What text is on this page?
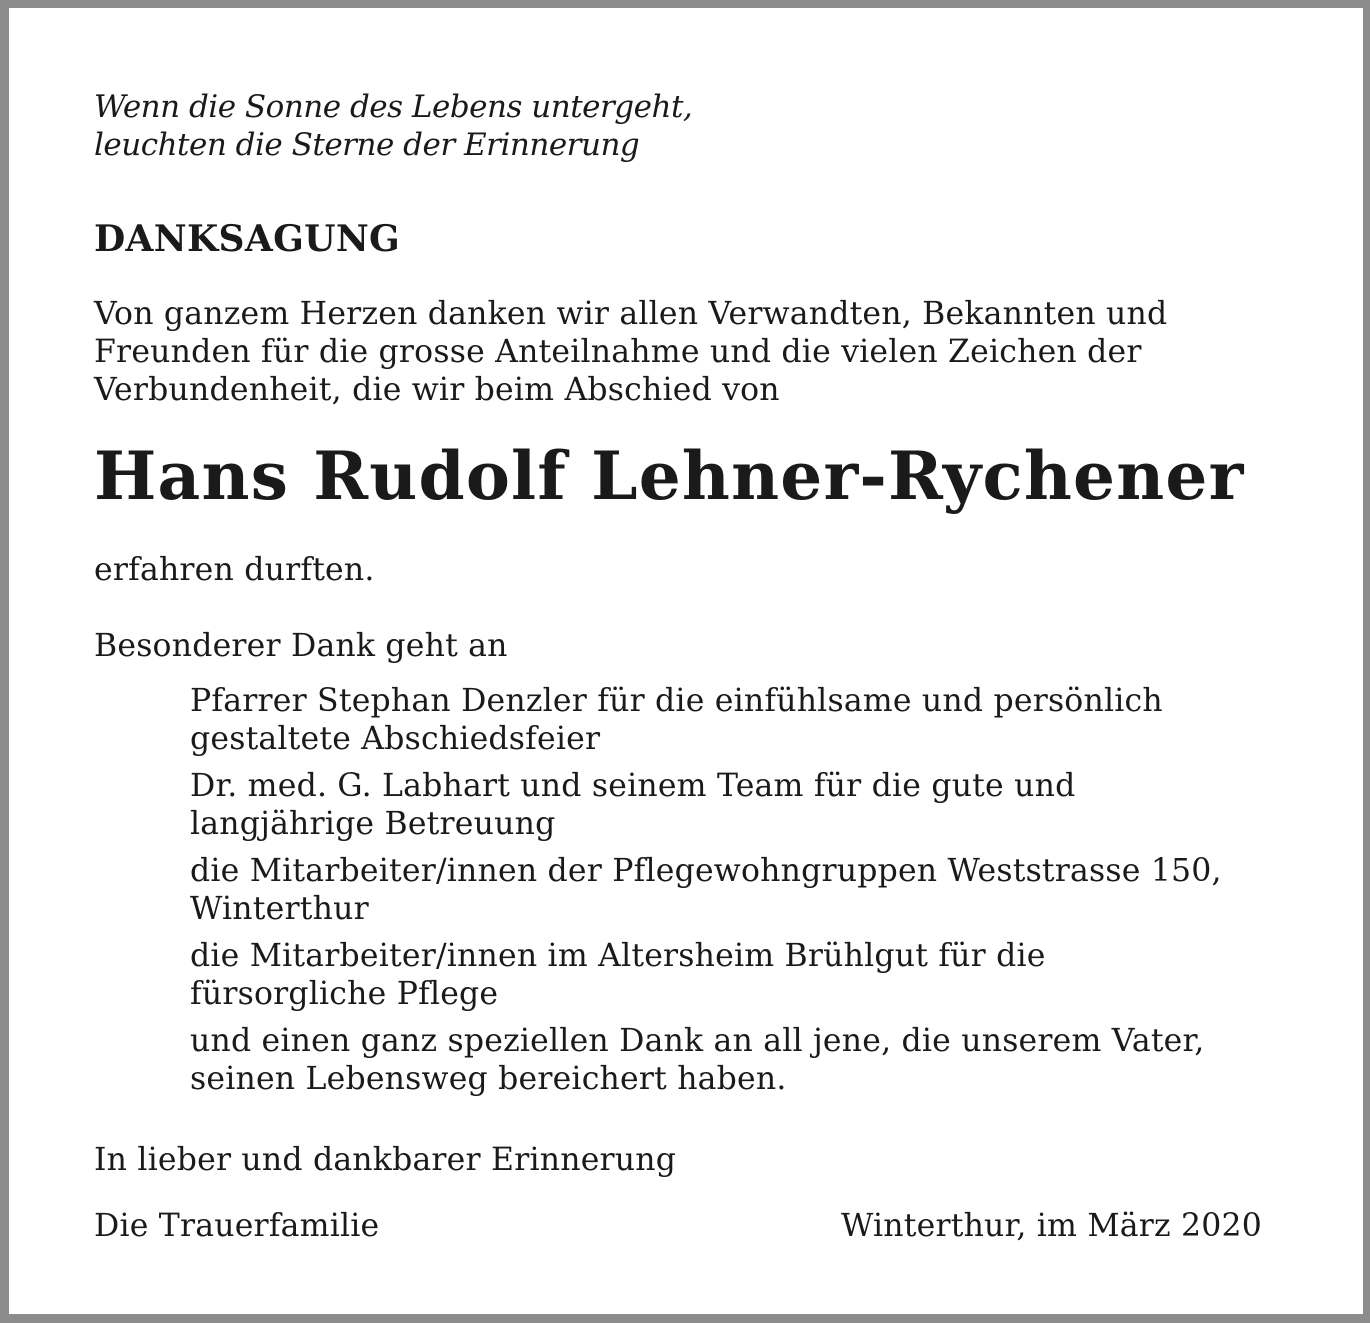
Wenn die Sonne des Lebens untergeht,
leuchten die Sterne der Erinnerung
DANKSAGUNG
Von ganzem Herzen danken wir allen Verwandten, Bekannten und
Freunden für die grosse Anteilnahme und die vielen Zeichen der
Verbundenheit, die wir beim Abschied von
Hans Rudolf Lehner-Rychener
erfahren durften.
Besonderer Dank geht an
Pfarrer Stephan Denzler für die einfühlsame und persönlich
gestaltete Abschiedsfeier
Dr. med. G. Labhart und seinem Team für die gute und
langjährige Betreuung
die Mitarbeiter/innen der Pflegewohngruppen Weststrasse 150,
Winterthur
die Mitarbeiter/innen im Altersheim Brühlgut für die
fürsorgliche Pflege
und einen ganz speziellen Dank an all jene, die unserem Vater,
seinen Lebensweg bereichert haben.
In lieber und dankbarer Erinnerung
Die Trauerfamilie	Winterthur, im März 2020
